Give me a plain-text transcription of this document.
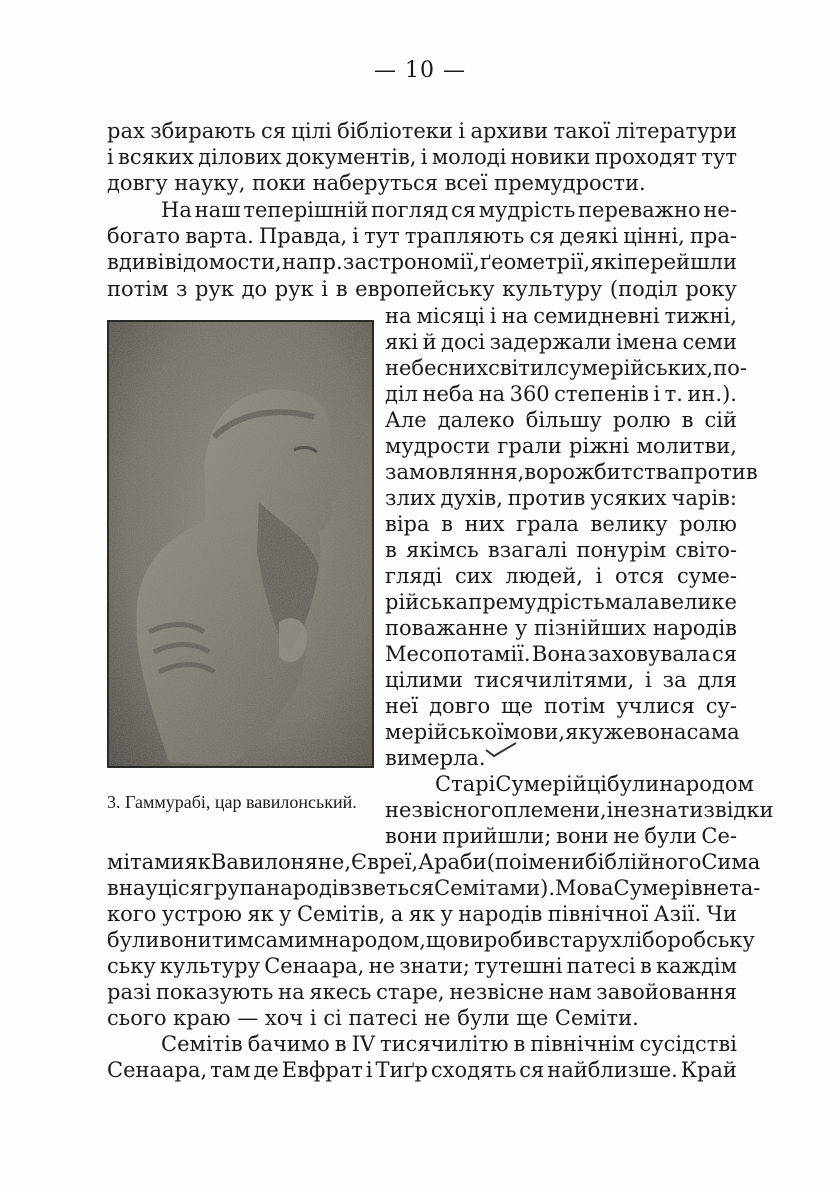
— 10 —
рах збирають ся цілі бібліотеки і архиви такої літератури
і всяких ділових документів, і молоді новики проходят тут
довгу науку, поки наберуться всеї премудрости.
На наш теперішній погляд ся мудрість переважно не-
богато варта. Правда, і тут трапляють ся деякі цінні, пра-
вдиві відомости, напр. з астрономії, ґеометрії, які перейшли
потім з рук до рук і в европейську культуру (поділ року
на місяці і на семидневні тижні,
які й досі задержали імена семи
небесних світил сумерійських, по-
діл неба на 360 степенів і т. ин.).
Але далеко більшу ролю в сій
мудрости грали ріжні молитви,
замовляння, ворожбитства против
злих духів, против усяких чарів:
віра в них грала велику ролю
в якімсь взагалі понурім світо-
гляді сих людей, і отся суме-
рійська премудрість мала велике
поважанне у пізнійших народів
Месопотамії. Вона заховувала ся
цілими тисячилітями, і за для
неї довго ще потім учлися су-
мерійської мови, як уже вона сама
вимерла.
Старі Сумерійці були народом
незвісного племени, і не знати звідки
вони прийшли; вони не були Се-
мітами як Вавилоняне, Євреї, Араби (по імени біблійного Сима
в науці ся група народів зветь ся Семітами). Мова Сумерів не та-
кого устрою як у Семітів, а як у народів північної Азії. Чи
були вони тим самим народом, що виробив стару хліборобську
ську культуру Сенаара, не знати; тутешні патесі в каждім
разі показують на якесь старе, незвісне нам завойовання
сього краю — хоч і сі патесі не були ще Семіти.
Семітів бачимо в IV тисячилітю в північнім сусідстві
Сенаара, там де Евфрат і Тиґр сходять ся найблизше. Край
3. Гаммурабі, цар вавилонський.
